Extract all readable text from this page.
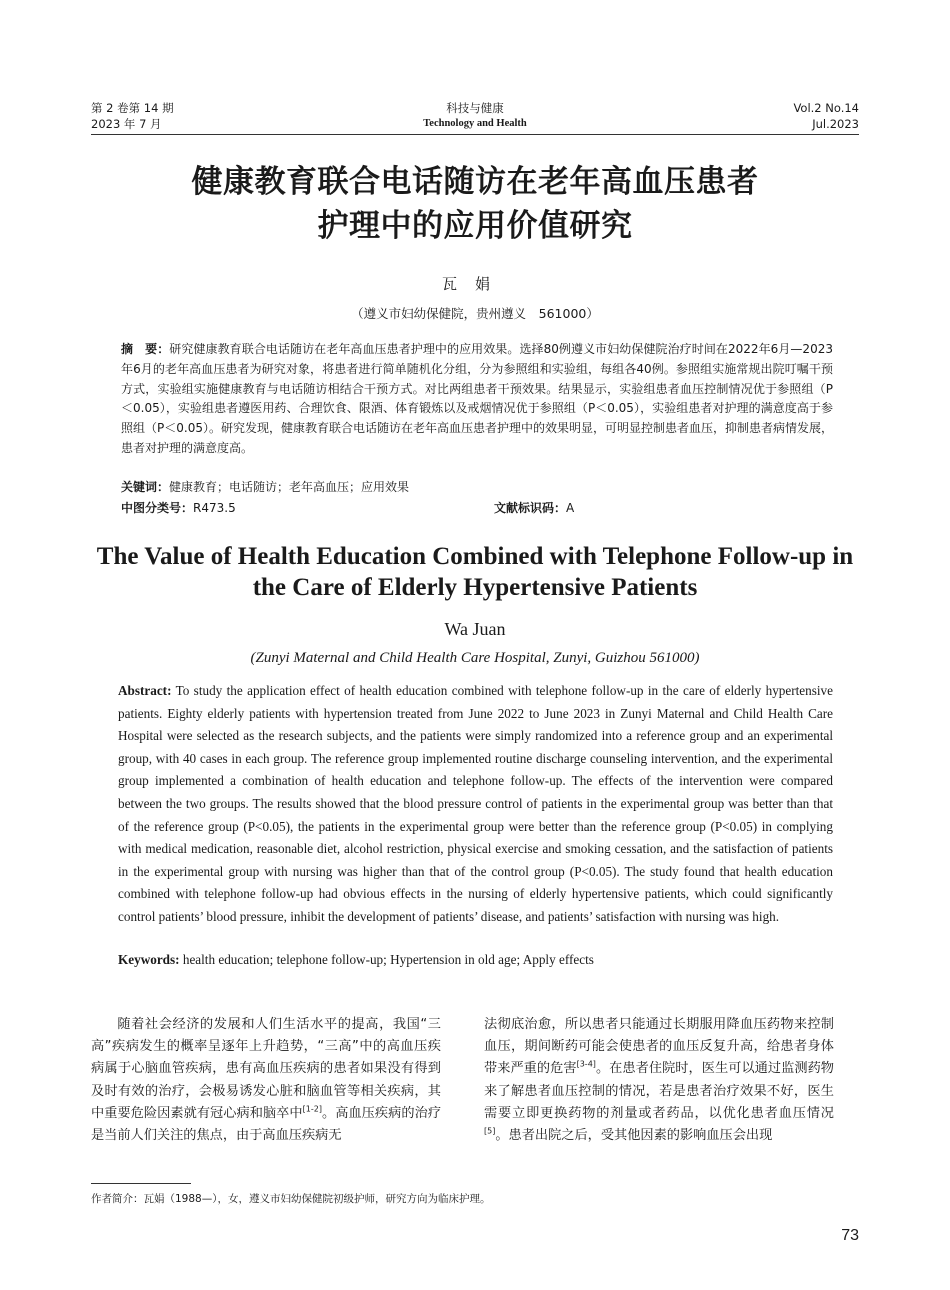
第 2 卷第 14 期
2023 年 7 月
科技与健康
Technology and Health
Vol.2 No.14
Jul.2023
健康教育联合电话随访在老年高血压患者
护理中的应用价值研究
瓦娟
（遵义市妇幼保健院，贵州遵义　561000）
摘　要：研究健康教育联合电话随访在老年高血压患者护理中的应用效果。选择80例遵义市妇幼保健院治疗时间在2022年6月—2023年6月的老年高血压患者为研究对象，将患者进行简单随机化分组，分为参照组和实验组，每组各40例。参照组实施常规出院叮嘱干预方式，实验组实施健康教育与电话随访相结合干预方式。对比两组患者干预效果。结果显示，实验组患者血压控制情况优于参照组（P＜0.05），实验组患者遵医用药、合理饮食、限酒、体育锻炼以及戒烟情况优于参照组（P＜0.05），实验组患者对护理的满意度高于参照组（P＜0.05）。研究发现，健康教育联合电话随访在老年高血压患者护理中的效果明显，可明显控制患者血压，抑制患者病情发展，患者对护理的满意度高。
关键词：健康教育；电话随访；老年高血压；应用效果
中图分类号：R473.5	文献标识码：A
The Value of Health Education Combined with Telephone Follow-up in
the Care of Elderly Hypertensive Patients
Wa Juan
(Zunyi Maternal and Child Health Care Hospital, Zunyi, Guizhou 561000)
Abstract: To study the application effect of health education combined with telephone follow-up in the care of elderly hypertensive patients. Eighty elderly patients with hypertension treated from June 2022 to June 2023 in Zunyi Maternal and Child Health Care Hospital were selected as the research subjects, and the patients were simply randomized into a reference group and an experimental group, with 40 cases in each group. The reference group implemented routine discharge counseling intervention, and the experimental group implemented a combination of health education and telephone follow-up. The effects of the intervention were compared between the two groups. The results showed that the blood pressure control of patients in the experimental group was better than that of the reference group (P<0.05), the patients in the experimental group were better than the reference group (P<0.05) in complying with medical medication, reasonable diet, alcohol restriction, physical exercise and smoking cessation, and the satisfaction of patients in the experimental group with nursing was higher than that of the control group (P<0.05). The study found that health education combined with telephone follow-up had obvious effects in the nursing of elderly hypertensive patients, which could significantly control patients’ blood pressure, inhibit the development of patients’ disease, and patients’ satisfaction with nursing was high.
Keywords: health education; telephone follow-up; Hypertension in old age; Apply effects

随着社会经济的发展和人们生活水平的提高，我国“三高”疾病发生的概率呈逐年上升趋势，“三高”中的高血压疾病属于心脑血管疾病，患有高血压疾病的患者如果没有得到及时有效的治疗，会极易诱发心脏和脑血管等相关疾病，其中重要危险因素就有冠心病和脑卒中[1-2]。高血压疾病的治疗是当前人们关注的焦点，由于高血压疾病无

法彻底治愈，所以患者只能通过长期服用降血压药物来控制血压，期间断药可能会使患者的血压反复升高，给患者身体带来严重的危害[3-4]。在患者住院时，医生可以通过监测药物来了解患者血压控制的情况，若是患者治疗效果不好，医生需要立即更换药物的剂量或者药品，以优化患者血压情况[5]。患者出院之后，受其他因素的影响血压会出现

作者简介：瓦娟（1988—），女，遵义市妇幼保健院初级护师，研究方向为临床护理。
73
